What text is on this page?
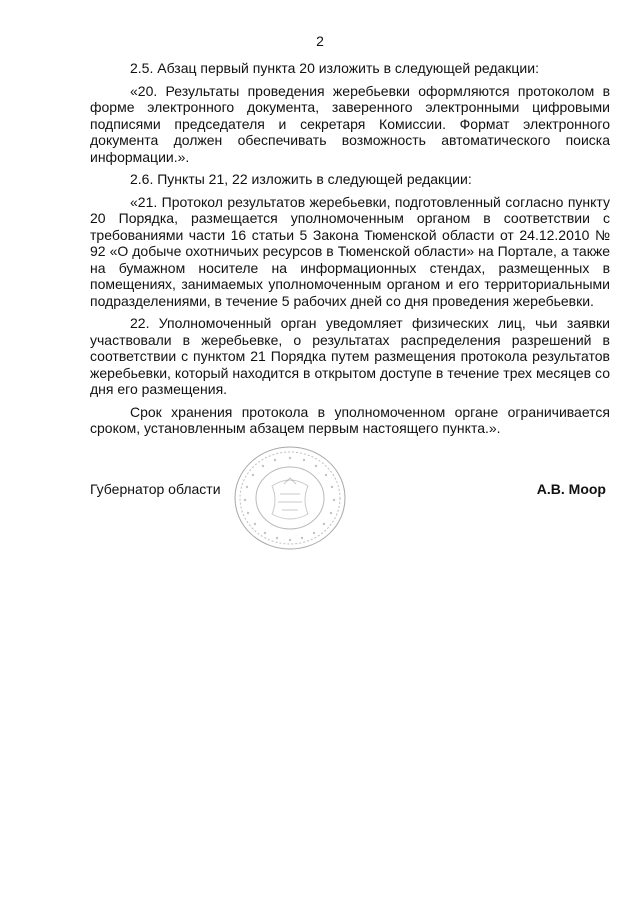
2

2.5. Абзац первый пункта 20 изложить в следующей редакции:

«20. Результаты проведения жеребьевки оформляются протоколом в форме электронного документа, заверенного электронными цифровыми подписями председателя и секретаря Комиссии. Формат электронного документа должен обеспечивать возможность автоматического поиска информации.».

2.6. Пункты 21, 22 изложить в следующей редакции:

«21. Протокол результатов жеребьевки, подготовленный согласно пункту 20 Порядка, размещается уполномоченным органом в соответствии с требованиями части 16 статьи 5 Закона Тюменской области от 24.12.2010 № 92 «О добыче охотничьих ресурсов в Тюменской области» на Портале, а также на бумажном носителе на информационных стендах, размещенных в помещениях, занимаемых уполномоченным органом и его территориальными подразделениями, в течение 5 рабочих дней со дня проведения жеребьевки.

22. Уполномоченный орган уведомляет физических лиц, чьи заявки участвовали в жеребьевке, о результатах распределения разрешений в соответствии с пунктом 21 Порядка путем размещения протокола результатов жеребьевки, который находится в открытом доступе в течение трех месяцев со дня его размещения.

Срок хранения протокола в уполномоченном органе ограничивается сроком, установленным абзацем первым настоящего пункта.».

Губернатор области	А.В. Моор
